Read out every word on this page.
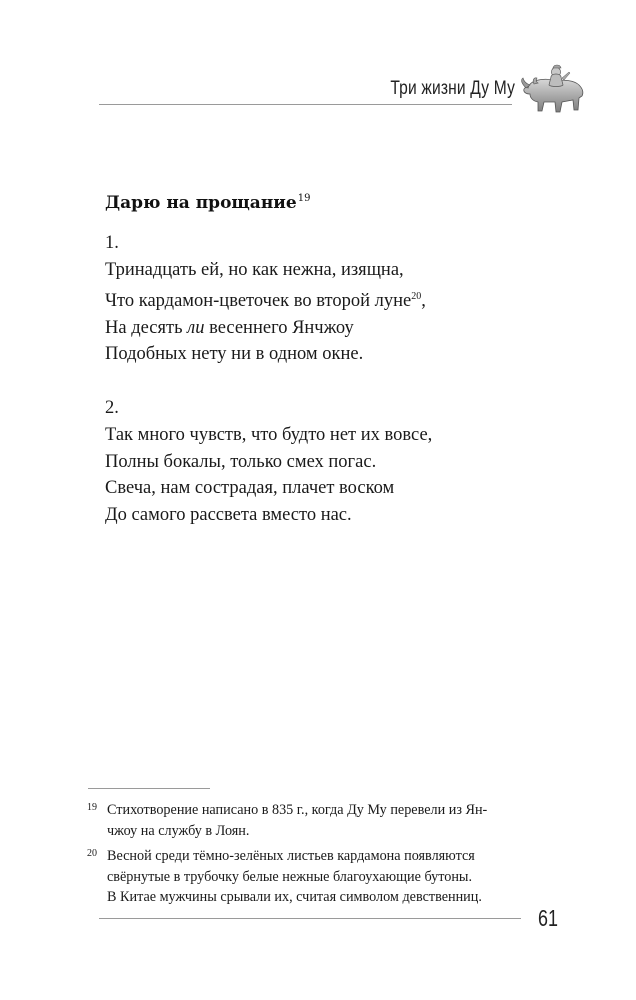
Три жизни Ду Му
Дарю на прощание$^{19}$
1.
Тринадцать ей, но как нежна, изящна,
Что кардамон-цветочек во второй луне$^{20}$,
На десять ли весеннего Янчжоу
Подобных нету ни в одном окне.
2.
Так много чувств, что будто нет их вовсе,
Полны бокалы, только смех погас.
Свеча, нам сострадая, плачет воском
До самого рассвета вместо нас.
19 Стихотворение написано в 835 г., когда Ду Му перевели из Ян-
чжоу на службу в Лоян.
20 Весной среди тёмно-зелёных листьев кардамона появляются
свёрнутые в трубочку белые нежные благоухающие бутоны.
В Китае мужчины срывали их, считая символом девственниц.
61
